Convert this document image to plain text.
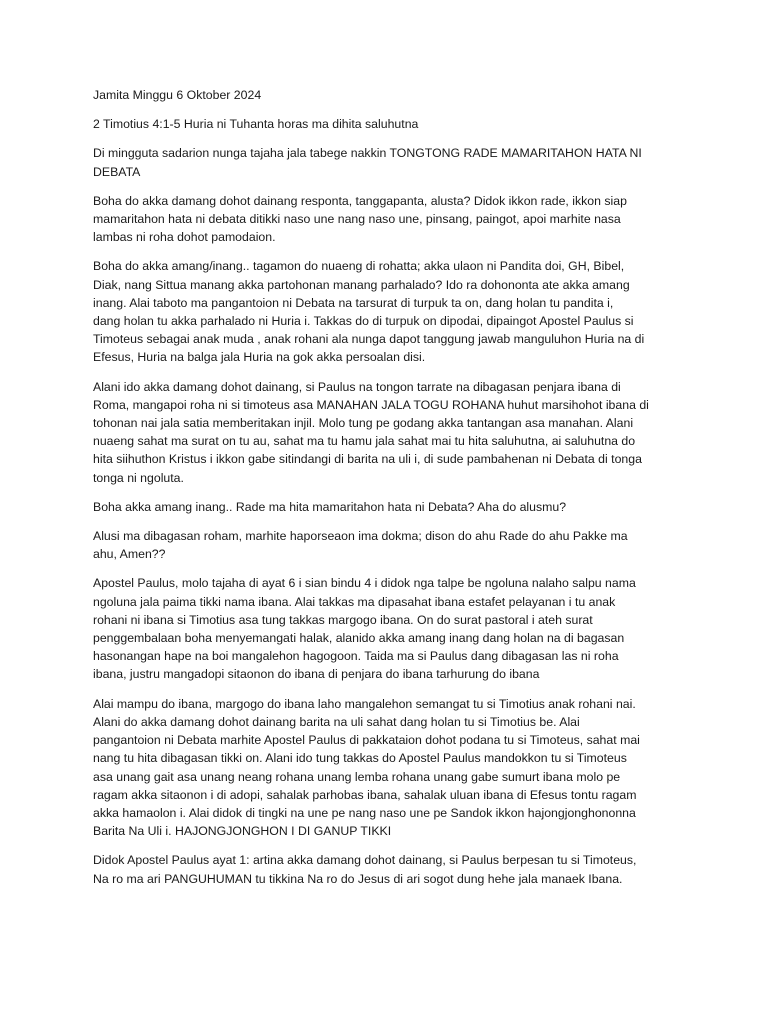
Jamita Minggu 6 Oktober 2024

2 Timotius 4:1-5 Huria ni Tuhanta horas ma dihita saluhutna

Di mingguta sadarion nunga tajaha jala tabege nakkin TONGTONG RADE MAMARITAHON HATA NI
DEBATA

Boha do akka damang dohot dainang responta, tanggapanta, alusta? Didok ikkon rade, ikkon siap
mamaritahon hata ni debata ditikki naso une nang naso une, pinsang, paingot, apoi marhite nasa
lambas ni roha dohot pamodaion.

Boha do akka amang/inang.. tagamon do nuaeng di rohatta; akka ulaon ni Pandita doi, GH, Bibel,
Diak, nang Sittua manang akka partohonan manang parhalado? Ido ra dohononta ate akka amang
inang. Alai taboto ma pangantoion ni Debata na tarsurat di turpuk ta on, dang holan tu pandita i,
dang holan tu akka parhalado ni Huria i. Takkas do di turpuk on dipodai, dipaingot Apostel Paulus si
Timoteus sebagai anak muda , anak rohani ala nunga dapot tanggung jawab manguluhon Huria na di
Efesus, Huria na balga jala Huria na gok akka persoalan disi.

Alani ido akka damang dohot dainang, si Paulus na tongon tarrate na dibagasan penjara ibana di
Roma, mangapoi roha ni si timoteus asa MANAHAN JALA TOGU ROHANA huhut marsihohot ibana di
tohonan nai jala satia memberitakan injil. Molo tung pe godang akka tantangan asa manahan. Alani
nuaeng sahat ma surat on tu au, sahat ma tu hamu jala sahat mai tu hita saluhutna, ai saluhutna do
hita siihuthon Kristus i ikkon gabe sitindangi di barita na uli i, di sude pambahenan ni Debata di tonga
tonga ni ngoluta.

Boha akka amang inang.. Rade ma hita mamaritahon hata ni Debata? Aha do alusmu?

Alusi ma dibagasan roham, marhite haporseaon ima dokma; dison do ahu Rade do ahu Pakke ma
ahu, Amen??

Apostel Paulus, molo tajaha di ayat 6 i sian bindu 4 i didok nga talpe be ngoluna nalaho salpu nama
ngoluna jala paima tikki nama ibana. Alai takkas ma dipasahat ibana estafet pelayanan i tu anak
rohani ni ibana si Timotius asa tung takkas margogo ibana. On do surat pastoral i ateh surat
penggembalaan boha menyemangati halak, alanido akka amang inang dang holan na di bagasan
hasonangan hape na boi mangalehon hagogoon. Taida ma si Paulus dang dibagasan las ni roha
ibana, justru mangadopi sitaonon do ibana di penjara do ibana tarhurung do ibana

Alai mampu do ibana, margogo do ibana laho mangalehon semangat tu si Timotius anak rohani nai.
Alani do akka damang dohot dainang barita na uli sahat dang holan tu si Timotius be. Alai
pangantoion ni Debata marhite Apostel Paulus di pakkataion dohot podana tu si Timoteus, sahat mai
nang tu hita dibagasan tikki on. Alani ido tung takkas do Apostel Paulus mandokkon tu si Timoteus
asa unang gait asa unang neang rohana unang lemba rohana unang gabe sumurt ibana molo pe
ragam akka sitaonon i di adopi, sahalak parhobas ibana, sahalak uluan ibana di Efesus tontu ragam
akka hamaolon i. Alai didok di tingki na une pe nang naso une pe Sandok ikkon hajongjonghononna
Barita Na Uli i. HAJONGJONGHON I DI GANUP TIKKI

Didok Apostel Paulus ayat 1: artina akka damang dohot dainang, si Paulus berpesan tu si Timoteus,
Na ro ma ari PANGUHUMAN tu tikkina Na ro do Jesus di ari sogot dung hehe jala manaek Ibana.
